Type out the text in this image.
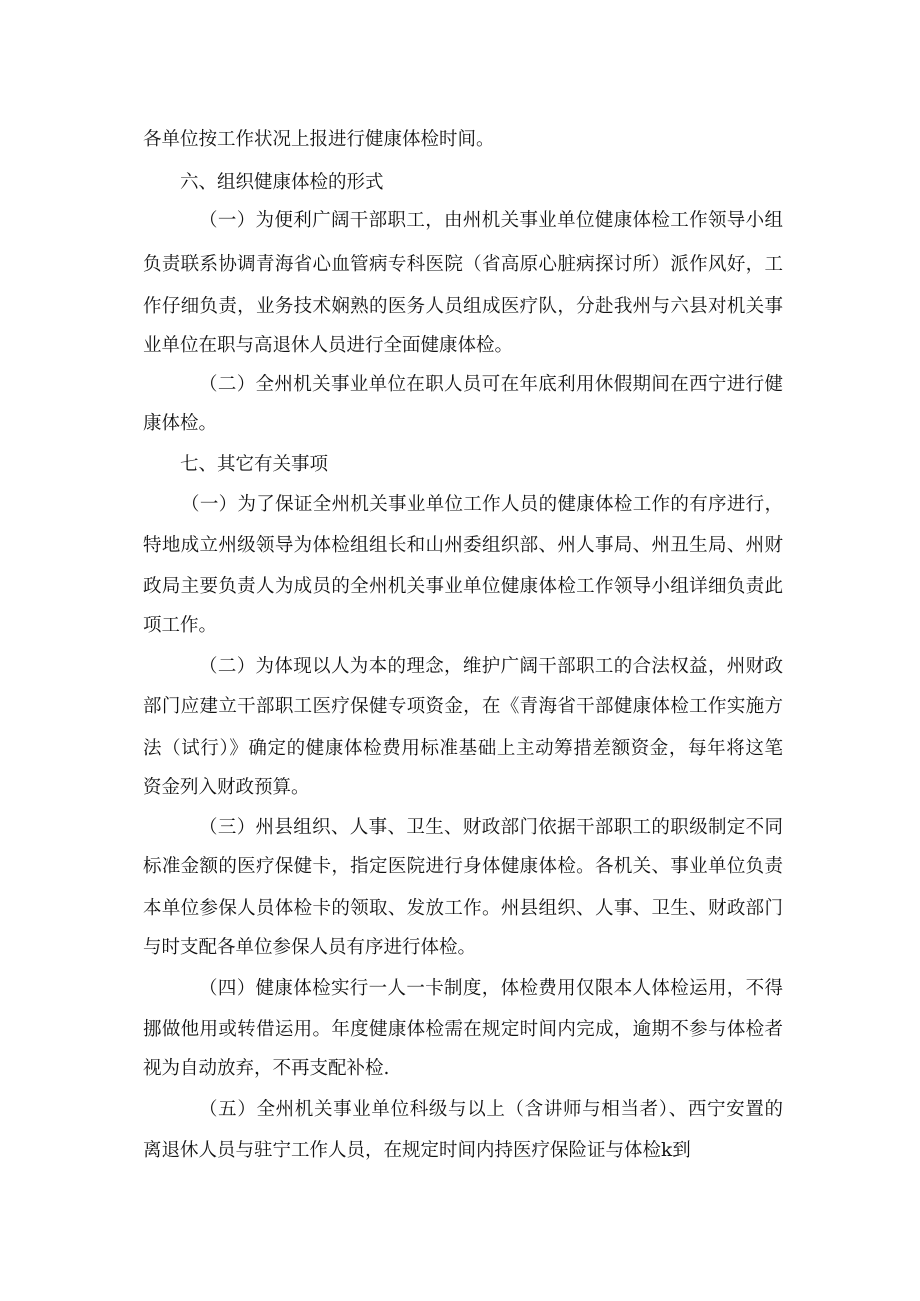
各单位按工作状况上报进行健康体检时间。

六、组织健康体检的形式

（一）为便利广阔干部职工，由州机关事业单位健康体检工作领导小组

负责联系协调青海省心血管病专科医院（省高原心脏病探讨所）派作风好，工

作仔细负责，业务技术娴熟的医务人员组成医疗队，分赴我州与六县对机关事

业单位在职与高退休人员进行全面健康体检。

（二）全州机关事业单位在职人员可在年底利用休假期间在西宁进行健

康体检。

七、其它有关事项

（一）为了保证全州机关事业单位工作人员的健康体检工作的有序进行，

特地成立州级领导为体检组组长和山州委组织部、州人事局、州丑生局、州财

政局主要负责人为成员的全州机关事业单位健康体检工作领导小组详细负责此

项工作。

（二）为体现以人为本的理念，维护广阔干部职工的合法权益，州财政

部门应建立干部职工医疗保健专项资金，在《青海省干部健康体检工作实施方

法（试行）》确定的健康体检费用标准基础上主动筹措差额资金，每年将这笔

资金列入财政预算。

（三）州县组织、人事、卫生、财政部门依据干部职工的职级制定不同

标准金额的医疗保健卡，指定医院进行身体健康体检。各机关、事业单位负责

本单位参保人员体检卡的领取、发放工作。州县组织、人事、卫生、财政部门

与时支配各单位参保人员有序进行体检。

（四）健康体检实行一人一卡制度，体检费用仅限本人体检运用，不得

挪做他用或转借运用。年度健康体检需在规定时间内完成，逾期不参与体检者

视为自动放弃，不再支配补检.

（五）全州机关事业单位科级与以上（含讲师与相当者）、西宁安置的

离退休人员与驻宁工作人员，在规定时间内持医疗保险证与体检k到
